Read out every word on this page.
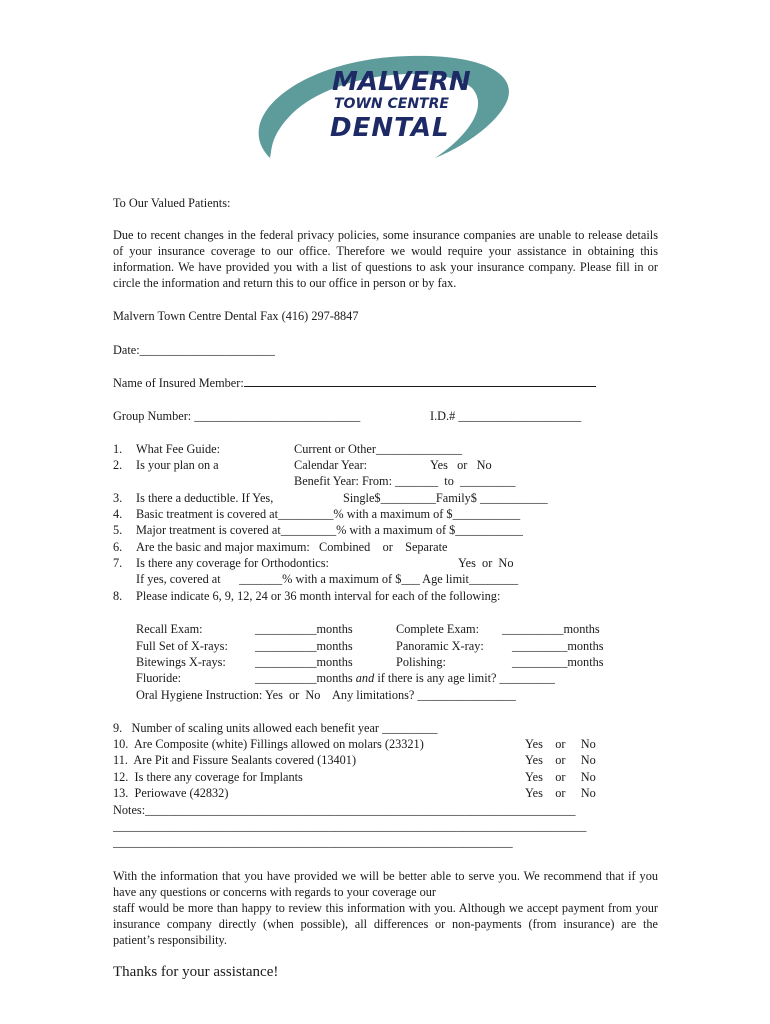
MALVERN
TOWN CENTRE
DENTAL
To Our Valued Patients:
Due to recent changes in the federal privacy policies, some insurance companies are unable to release details of your insurance coverage to our office. Therefore we would require your assistance in obtaining this information. We have provided you with a list of questions to ask your insurance company. Please fill in or circle the information and return this to our office in person or by fax.
Malvern Town Centre Dental Fax (416) 297-8847
Date:______________________
Name of Insured Member:
Group Number: ___________________________	I.D.# ____________________
1. What Fee Guide:	Current or Other______________
2. Is your plan on a	Calendar Year:	Yes   or   No
Benefit Year: From: _______  to  _________
3. Is there a deductible. If Yes,	Single$_________Family$ ___________
4. Basic treatment is covered at_________% with a maximum of $___________
5. Major treatment is covered at_________% with a maximum of $___________
6. Are the basic and major maximum:   Combined    or    Separate
7. Is there any coverage for Orthodontics:	Yes  or  No
If yes, covered at      _______% with a maximum of $___ Age limit________
8. Please indicate 6, 9, 12, 24 or 36 month interval for each of the following:
Recall Exam:	__________months	Complete Exam: __________months
Full Set of X-rays: __________months	Panoramic X-ray: _________months
Bitewings X-rays: __________months	Polishing:	_________months
Fluoride:	__________months and if there is any age limit? _________
Oral Hygiene Instruction: Yes  or  No    Any limitations? ________________
9.   Number of scaling units allowed each benefit year _________
10.  Are Composite (white) Fillings allowed on molars (23321)	Yes    or     No
11.  Are Pit and Fissure Sealants covered (13401)	Yes    or     No
12.  Is there any coverage for Implants	Yes    or     No
13.  Periowave (42832)	Yes    or     No
Notes:______________________________________________________________________
_____________________________________________________________________________
_________________________________________________________________
With the information that you have provided we will be better able to serve you. We recommend that if you have any questions or concerns with regards to your coverage our
staff would be more than happy to review this information with you. Although we accept payment from your insurance company directly (when possible), all differences or non-payments (from insurance) are the patient’s responsibility.
Thanks for your assistance!
